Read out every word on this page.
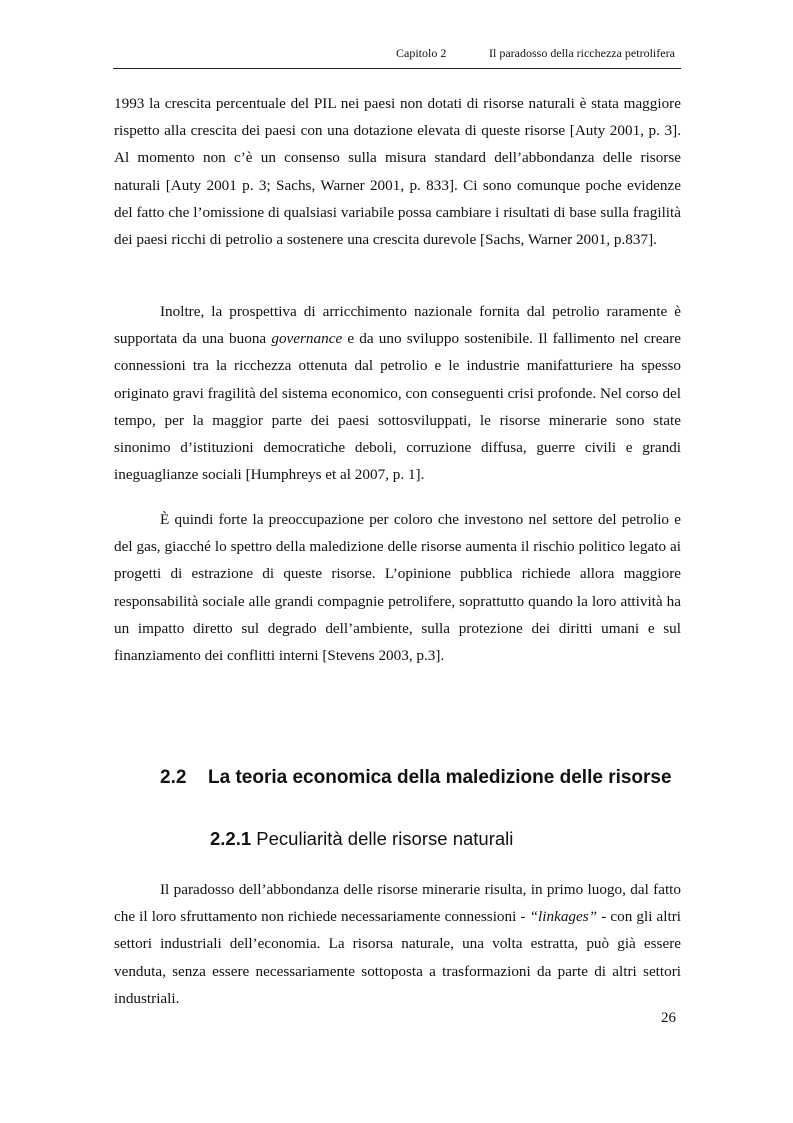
Capitolo 2	Il paradosso della ricchezza petrolifera

1993 la crescita percentuale del PIL nei paesi non dotati di risorse naturali è stata maggiore rispetto alla crescita dei paesi con una dotazione elevata di queste risorse [Auty 2001, p. 3]. Al momento non c’è un consenso sulla misura standard dell’abbondanza delle risorse naturali [Auty 2001 p. 3; Sachs, Warner 2001, p. 833]. Ci sono comunque poche evidenze del fatto che l’omissione di qualsiasi variabile possa cambiare i risultati di base sulla fragilità dei paesi ricchi di petrolio a sostenere una crescita durevole [Sachs, Warner 2001, p.837].

Inoltre, la prospettiva di arricchimento nazionale fornita dal petrolio raramente è supportata da una buona governance e da uno sviluppo sostenibile. Il fallimento nel creare connessioni tra la ricchezza ottenuta dal petrolio e le industrie manifatturiere ha spesso originato gravi fragilità del sistema economico, con conseguenti crisi profonde. Nel corso del tempo, per la maggior parte dei paesi sottosviluppati, le risorse minerarie sono state sinonimo d’istituzioni democratiche deboli, corruzione diffusa, guerre civili e grandi ineguaglianze sociali [Humphreys et al 2007, p. 1].

È quindi forte la preoccupazione per coloro che investono nel settore del petrolio e del gas, giacché lo spettro della maledizione delle risorse aumenta il rischio politico legato ai progetti di estrazione di queste risorse. L’opinione pubblica richiede allora maggiore responsabilità sociale alle grandi compagnie petrolifere, soprattutto quando la loro attività ha un impatto diretto sul degrado dell’ambiente, sulla protezione dei diritti umani e sul finanziamento dei conflitti interni [Stevens 2003, p.3].

2.2 La teoria economica della maledizione delle risorse
2.2.1 Peculiarità delle risorse naturali

Il paradosso dell’abbondanza delle risorse minerarie risulta, in primo luogo, dal fatto che il loro sfruttamento non richiede necessariamente connessioni - “linkages” - con gli altri settori industriali dell’economia. La risorsa naturale, una volta estratta, può già essere venduta, senza essere necessariamente sottoposta a trasformazioni da parte di altri settori industriali.

26
